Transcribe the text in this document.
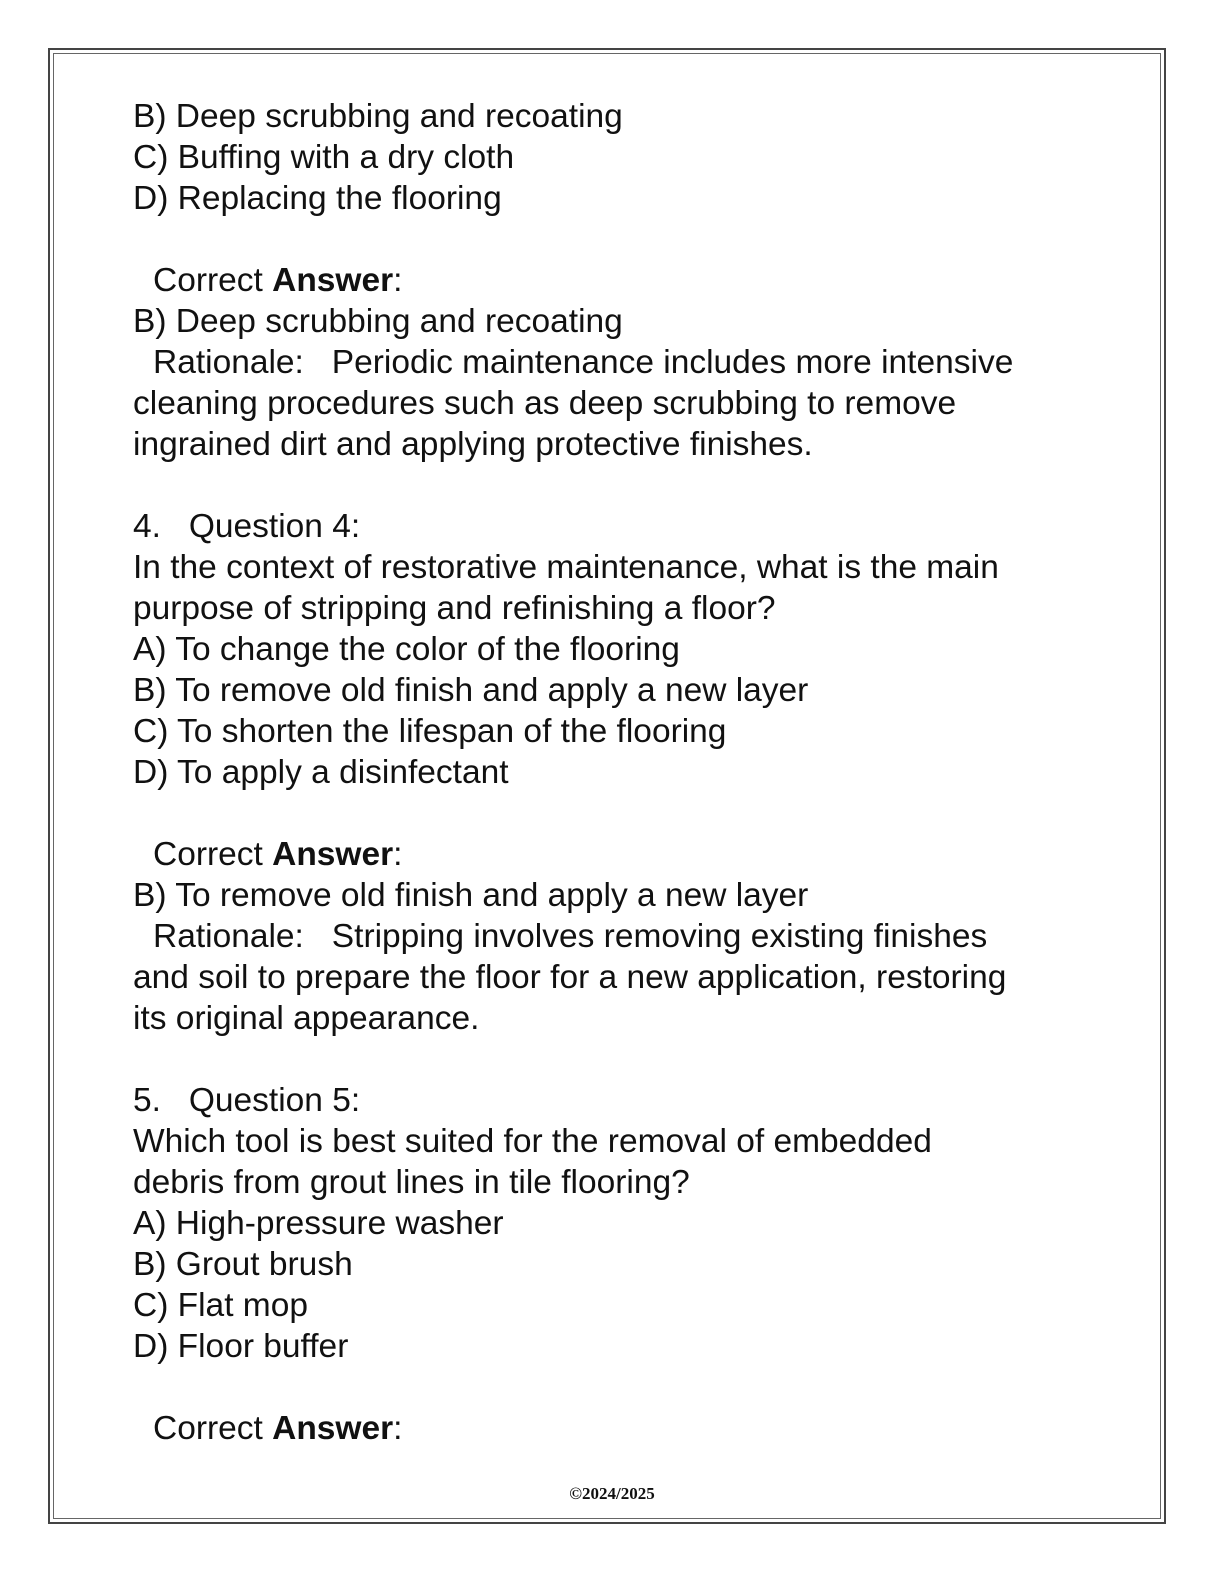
B) Deep scrubbing and recoating
C) Buffing with a dry cloth
D) Replacing the flooring
Correct Answer:
B) Deep scrubbing and recoating
Rationale: Periodic maintenance includes more intensive
cleaning procedures such as deep scrubbing to remove
ingrained dirt and applying protective finishes.
4.   Question 4:
In the context of restorative maintenance, what is the main
purpose of stripping and refinishing a floor?
A) To change the color of the flooring
B) To remove old finish and apply a new layer
C) To shorten the lifespan of the flooring
D) To apply a disinfectant
Correct Answer:
B) To remove old finish and apply a new layer
Rationale: Stripping involves removing existing finishes
and soil to prepare the floor for a new application, restoring
its original appearance.
5.   Question 5:
Which tool is best suited for the removal of embedded
debris from grout lines in tile flooring?
A) High-pressure washer
B) Grout brush
C) Flat mop
D) Floor buffer
Correct Answer:
©2024/2025
